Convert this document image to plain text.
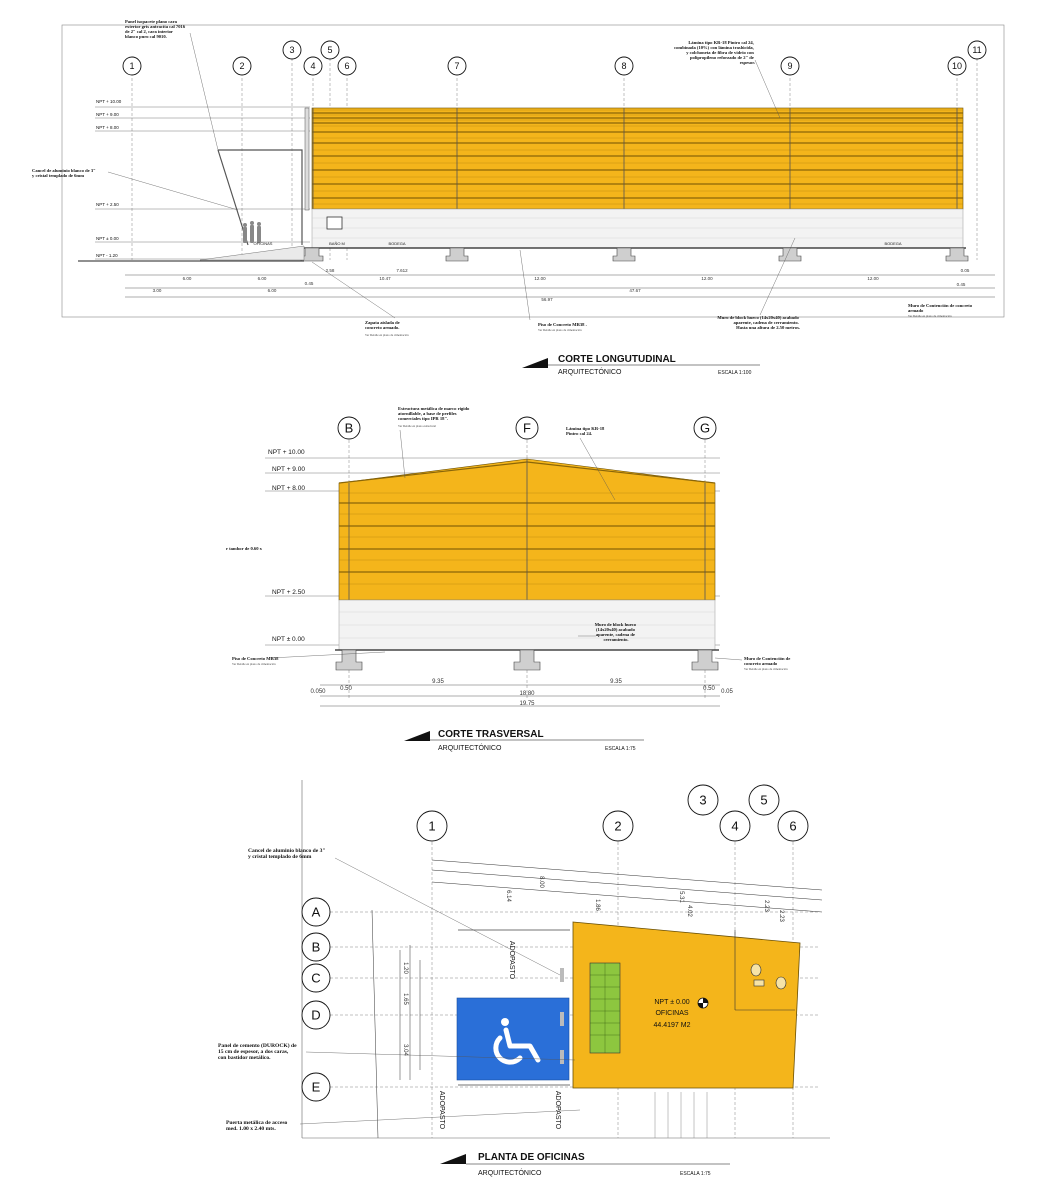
NPT + 10.00
NPT + 9.00
NPT + 8.00
NPT + 2.50
NPT ± 0.00
NPT - 1.20
OFICINAS	BAÑO M	BODEGA	BODEGA
6.00	6.00
2.58	7.612
10.47	12.00	12.00	12.00
0.05
3.00	6.00	47.67
0.45	0.45
56.97
Panel isopacete plano cara exterior gris antracita cal 7016 de 2" cal 2, cara interior blanco puro cal 9010.
Cancel de aluminio blanco de 3" y cristal templado de 6mm
Lámina tipo KR-18 Pintro cal 24, combinada (10%) con lámina traslúcida, y colchoneta de fibra de vidrio con polipropileno reforzado de 2" de espesor.
Zapata aislada de concreto armado.
Ver Detalle en plano de cimentación
Piso de Concreto MR38 .
Ver Detalle en plano de cimentación
Muro de block hueco (14x20x40) acabado aparente, cadena de cerramiento. Hasta una altura de 2.50 metros.
Muro de Contención de concreto armado
Ver Detalle en plano de cimentación
CORTE LONGUTUDINAL
ARQUITECTÓNICO	ESCALA 1:100
1	2
3
4
5
6	7	8	9	10
11
NPT + 10.00
NPT + 9.00
NPT + 8.00
NPT + 2.50
NPT ± 0.00
0.050 0.50
9.35	9.35
0.50 0.05
18.80
19.75
Estructura metálica de marco rígido atornillable, a base de perfiles comerciales tipo IPR 18".
Ver Detalle en plano estructural	Lámina tipo KR-18 Pintro cal 24.
r tambor de 0.60 x
Muro de block hueco (14x20x40) acabado aparente, cadena de cerramiento.
Piso de Concreto MR38
Ver Detalle en plano de cimentación
Muro de Contención de concreto armado
Ver Detalle en plano de cimentación
CORTE TRASVERSAL
ARQUITECTÓNICO	ESCALA 1:75
B	F	G
8.00
6.14
1.86
5.31
4.02	2.23
2.23
1.20
1.65
3.04
ADOPASTO
ADOPASTO	ADOPASTO
NPT ± 0.00
OFICINAS
44.4197 M2
Cancel de aluminio blanco de 3" y cristal templado de 6mm
Panel de cemento (DUROCK) de 15 cm de espesor, a dos caras, con bastidor metálico.
Puerta metálica de acceso med. 1.00 x 2.40 mts.
PLANTA DE OFICINAS
ARQUITECTÓNICO	ESCALA 1:75
1	2
3
4
5
6
A
B
C
D
E
